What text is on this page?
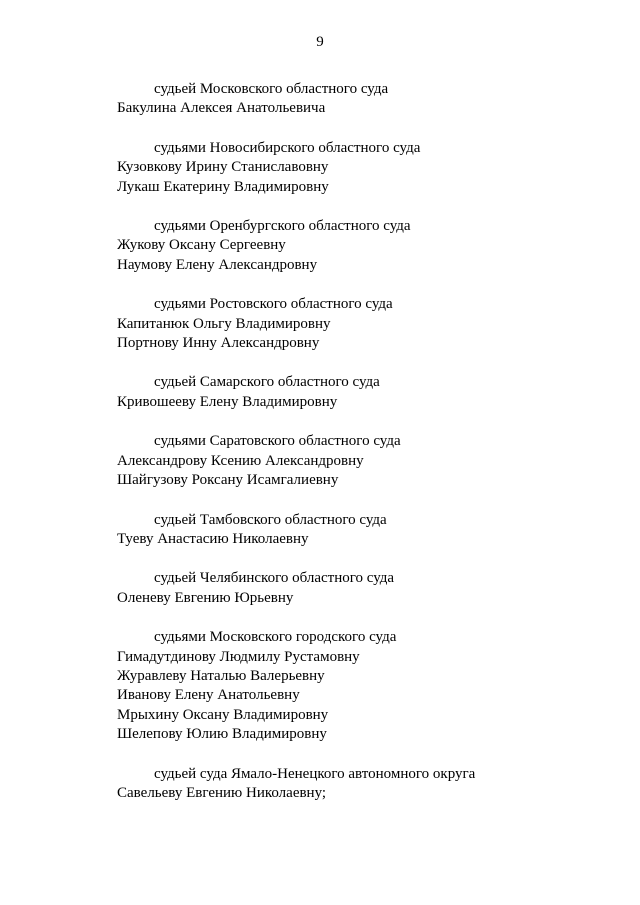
9
судьей Московского областного суда
Бакулина Алексея Анатольевича
судьями Новосибирского областного суда
Кузовкову Ирину Станиславовну
Лукаш Екатерину Владимировну
судьями Оренбургского областного суда
Жукову Оксану Сергеевну
Наумову Елену Александровну
судьями Ростовского областного суда
Капитанюк Ольгу Владимировну
Портнову Инну Александровну
судьей Самарского областного суда
Кривошееву Елену Владимировну
судьями Саратовского областного суда
Александрову Ксению Александровну
Шайгузову Роксану Исамгалиевну
судьей Тамбовского областного суда
Туеву Анастасию Николаевну
судьей Челябинского областного суда
Оленеву Евгению Юрьевну
судьями Московского городского суда
Гимадутдинову Людмилу Рустамовну
Журавлеву Наталью Валерьевну
Иванову Елену Анатольевну
Мрыхину Оксану Владимировну
Шелепову Юлию Владимировну
судьей суда Ямало-Ненецкого автономного округа
Савельеву Евгению Николаевну;
